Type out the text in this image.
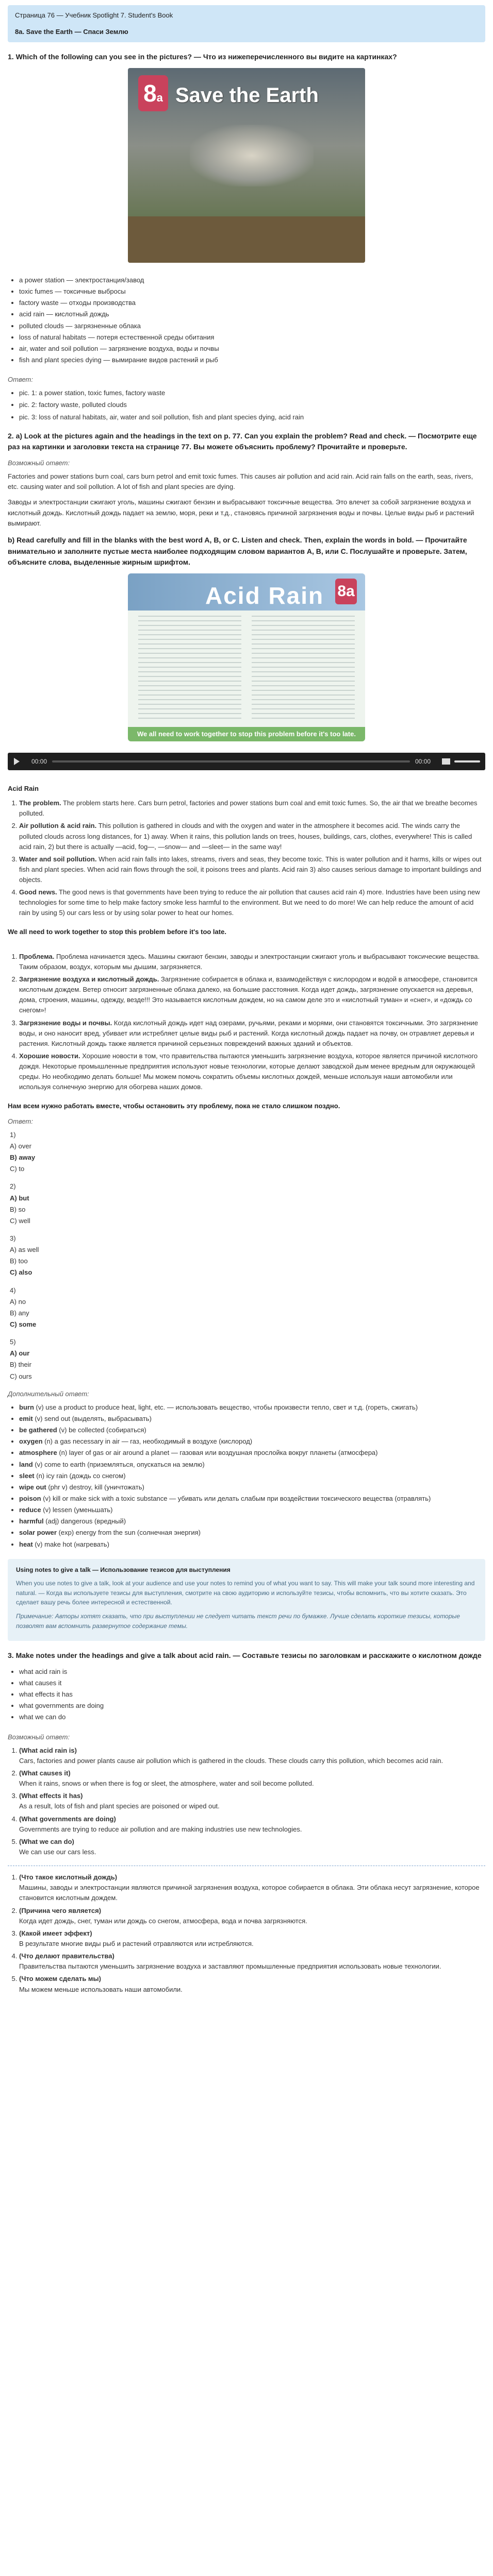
Страница 76 — Учебник Spotlight 7. Student's Book
8a. Save the Earth — Спаси Землю
1. Which of the following can you see in the pictures? — Что из нижеперечисленного вы видите на картинках?
8a Save the Earth
• a power station — электростанция/завод
• toxic fumes — токсичные выбросы
• factory waste — отходы производства
• acid rain — кислотный дождь
• polluted clouds — загрязненные облака
• loss of natural habitats — потеря естественной среды обитания
• air, water and soil pollution — загрязнение воздуха, воды и почвы
• fish and plant species dying — вымирание видов растений и рыб
Ответ:
• pic. 1: a power station, toxic fumes, factory waste
• pic. 2: factory waste, polluted clouds
• pic. 3: loss of natural habitats, air, water and soil pollution, fish and plant species dying, acid rain
2. a) Look at the pictures again and the headings in the text on p. 77. Can you explain the problem? Read and check. — Посмотрите еще раз на картинки и заголовки текста на странице 77. Вы можете объяснить проблему? Прочитайте и проверьте.
Возможный ответ:

Factories and power stations burn coal, cars burn petrol and emit toxic fumes. This causes air pollution and acid rain. Acid rain falls on the earth, seas, rivers, etc. causing water and soil pollution. A lot of fish and plant species are dying.

Заводы и электростанции сжигают уголь, машины сжигают бензин и выбрасывают токсичные вещества. Это влечет за собой загрязнение воздуха и кислотный дождь. Кислотный дождь падает на землю, моря, реки и т.д., становясь причиной загрязнения воды и почвы. Целые виды рыб и растений вымирают.

b) Read carefully and fill in the blanks with the best word A, B, or C. Listen and check. Then, explain the words in bold. — Прочитайте внимательно и заполните пустые места наиболее подходящим словом вариантов А, В, или С. Послушайте и проверьте. Затем, объясните слова, выделенные жирным шрифтом.
Acid Rain 8a
We all need to work together to stop this problem before it's too late.
00:00	00:00
Acid Rain
1. The problem. The problem starts here. Cars burn petrol, factories and power stations burn coal and emit toxic fumes. So, the air that we breathe becomes polluted.
2. Air pollution & acid rain. This pollution is gathered in clouds and with the oxygen and water in the atmosphere it becomes acid. The winds carry the polluted clouds across long distances, for 1) away. When it rains, this pollution lands on trees, houses, buildings, cars, clothes, everywhere! This is called acid rain, 2) but there is actually —acid, fog—, —snow— and —sleet— in the same way!
3. Water and soil pollution. When acid rain falls into lakes, streams, rivers and seas, they become toxic. This is water pollution and it harms, kills or wipes out fish and plant species. When acid rain flows through the soil, it poisons trees and plants. Acid rain 3) also causes serious damage to important buildings and objects.
4. Good news. The good news is that governments have been trying to reduce the air pollution that causes acid rain 4) more. Industries have been using new technologies for some time to help make factory smoke less harmful to the environment. But we need to do more! We can help reduce the amount of acid rain by using 5) our cars less or by using solar power to heat our homes.
We all need to work together to stop this problem before it's too late.
1. Проблема. Проблема начинается здесь. Машины сжигают бензин, заводы и электростанции сжигают уголь и выбрасывают токсические вещества. Таким образом, воздух, которым мы дышим, загрязняется.
2. Загрязнение воздуха и кислотный дождь. Загрязнение собирается в облака и, взаимодействуя с кислородом и водой в атмосфере, становится кислотным дождем. Ветер относит загрязненные облака далеко, на большие расстояния. Когда идет дождь, загрязнение опускается на деревья, дома, строения, машины, одежду, везде!!! Это называется кислотным дождем, но на самом деле это и «кислотный туман» и «снег», и «дождь со снегом»!
3. Загрязнение воды и почвы. Когда кислотный дождь идет над озерами, ручьями, реками и морями, они становятся токсичными. Это загрязнение воды, и оно наносит вред, убивает или истребляет целые виды рыб и растений. Когда кислотный дождь падает на почву, он отравляет деревья и растения. Кислотный дождь также является причиной серьезных повреждений важных зданий и объектов.
4. Хорошие новости. Хорошие новости в том, что правительства пытаются уменьшить загрязнение воздуха, которое является причиной кислотного дождя. Некоторые промышленные предприятия используют новые технологии, которые делают заводской дым менее вредным для окружающей среды. Но необходимо делать больше! Мы можем помочь сократить объемы кислотных дождей, меньше используя наши автомобили или используя солнечную энергию для обогрева наших домов.
Нам всем нужно работать вместе, чтобы остановить эту проблему, пока не стало слишком поздно.
Ответ:
1)
A) over
B) away
C) to
2)
A) but
B) so
C) well
3)
A) as well
B) too
C) also
4)
A) no
B) any
C) some
5)
A) our
B) their
C) ours
Дополнительный ответ:
• burn (v) use a product to produce heat, light, etc. — использовать вещество, чтобы произвести тепло, свет и т.д. (гореть, сжигать)
• emit (v) send out (выделять, выбрасывать)
• be gathered (v) be collected (собираться)
• oxygen (n) a gas necessary in air — газ, необходимый в воздухе (кислород)
• atmosphere (n) layer of gas or air around a planet — газовая или воздушная прослойка вокруг планеты (атмосфера)
• land (v) come to earth (приземляться, опускаться на землю)
• sleet (n) icy rain (дождь со снегом)
• wipe out (phr v) destroy, kill (уничтожать)
• poison (v) kill or make sick with a toxic substance — убивать или делать слабым при воздействии токсического вещества (отравлять)
• reduce (v) lessen (уменьшать)
• harmful (adj) dangerous (вредный)
• solar power (exp) energy from the sun (солнечная энергия)
• heat (v) make hot (нагревать)
Using notes to give a talk — Использование тезисов для выступления
When you use notes to give a talk, look at your audience and use your notes to remind you of what you want to say. This will make your talk sound more interesting and natural. — Когда вы используете тезисы для выступления, смотрите на свою аудиторию и используйте тезисы, чтобы вспомнить, что вы хотите сказать. Это сделает вашу речь более интересной и естественной.
Примечание: Авторы хотят сказать, что при выступлении не следует читать текст речи по бумажке. Лучше сделать короткие тезисы, которые позволят вам вспомнить развернутое содержание темы.
3. Make notes under the headings and give a talk about acid rain. — Составьте тезисы по заголовкам и расскажите о кислотном дожде
• what acid rain is
• what causes it
• what effects it has
• what governments are doing
• what we can do
Возможный ответ:
1. (What acid rain is)
Cars, factories and power plants cause air pollution which is gathered in the clouds. These clouds carry this pollution, which becomes acid rain.
2. (What causes it)
When it rains, snows or when there is fog or sleet, the atmosphere, water and soil become polluted.
3. (What effects it has)
As a result, lots of fish and plant species are poisoned or wiped out.
4. (What governments are doing)
Governments are trying to reduce air pollution and are making industries use new technologies.
5. (What we can do)
We can use our cars less.
1. (Что такое кислотный дождь)
Машины, заводы и электростанции являются причиной загрязнения воздуха, которое собирается в облака. Эти облака несут загрязнение, которое становится кислотным дождем.
2. (Причина чего является)
Когда идет дождь, снег, туман или дождь со снегом, атмосфера, вода и почва загрязняются.
3. (Какой имеет эффект)
В результате многие виды рыб и растений отравляются или истребляются.
4. (Что делают правительства)
Правительства пытаются уменьшить загрязнение воздуха и заставляют промышленные предприятия использовать новые технологии.
5. (Что можем сделать мы)
Мы можем меньше использовать наши автомобили.
